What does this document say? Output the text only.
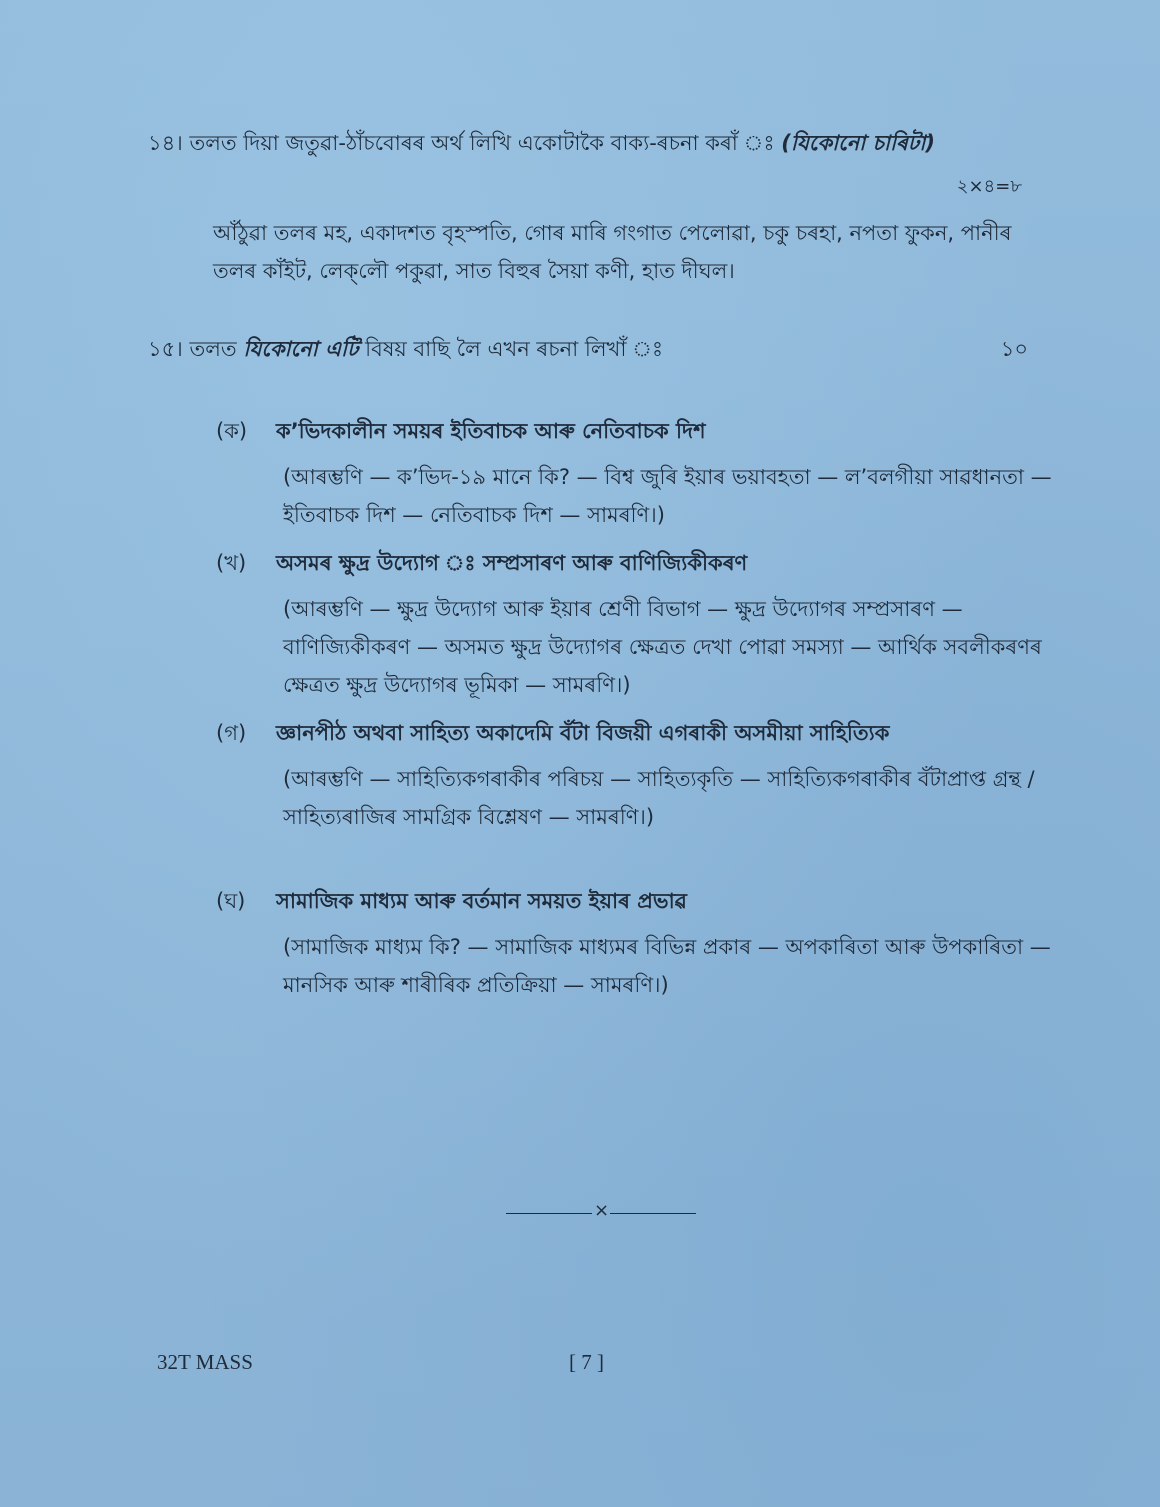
১৪। তলত দিয়া জতুৱা-ঠাঁচবোৰৰ অৰ্থ লিখি একোটাকৈ বাক্য-ৰচনা কৰাঁ ঃ (যিকোনো চাৰিটা)
২×৪=৮
আঁঠুৱা তলৰ মহ, একাদশত বৃহস্পতি, গোৰ মাৰি গংগাত পেলোৱা, চকু চৰহা, নপতা ফুকন, পানীৰ তলৰ কাঁইট, লেক্‌লৌ পকুৱা, সাত বিহুৰ সৈয়া কণী, হাত দীঘল।
১৫। তলত যিকোনো এটি বিষয় বাছি লৈ এখন ৰচনা লিখাঁ ঃ	১০
(ক) ক’ভিদকালীন সময়ৰ ইতিবাচক আৰু নেতিবাচক দিশ
(আৰম্ভণি — ক’ভিদ-১৯ মানে কি? — বিশ্ব জুৰি ইয়াৰ ভয়াবহতা — ল’বলগীয়া সাৱধানতা — ইতিবাচক দিশ — নেতিবাচক দিশ — সামৰণি।)
(খ) অসমৰ ক্ষুদ্ৰ উদ্যোগ ঃ সম্প্ৰসাৰণ আৰু বাণিজ্যিকীকৰণ
(আৰম্ভণি — ক্ষুদ্ৰ উদ্যোগ আৰু ইয়াৰ শ্ৰেণী বিভাগ — ক্ষুদ্ৰ উদ্যোগৰ সম্প্ৰসাৰণ — বাণিজ্যিকীকৰণ — অসমত ক্ষুদ্ৰ উদ্যোগৰ ক্ষেত্ৰত দেখা পোৱা সমস্যা — আৰ্থিক সবলীকৰণৰ ক্ষেত্ৰত ক্ষুদ্ৰ উদ্যোগৰ ভূমিকা — সামৰণি।)
(গ) জ্ঞানপীঠ অথবা সাহিত্য অকাদেমি বঁটা বিজয়ী এগৰাকী অসমীয়া সাহিত্যিক
(আৰম্ভণি — সাহিত্যিকগৰাকীৰ পৰিচয় — সাহিত্যকৃতি — সাহিত্যিকগৰাকীৰ বঁটাপ্ৰাপ্ত গ্ৰন্থ / সাহিত্যৰাজিৰ সামগ্ৰিক বিশ্লেষণ — সামৰণি।)
(ঘ) সামাজিক মাধ্যম আৰু বৰ্তমান সময়ত ইয়াৰ প্ৰভাৱ
(সামাজিক মাধ্যম কি? — সামাজিক মাধ্যমৰ বিভিন্ন প্ৰকাৰ — অপকাৰিতা আৰু উপকাৰিতা — মানসিক আৰু শাৰীৰিক প্ৰতিক্ৰিয়া — সামৰণি।)
×
32T MASS	[ 7 ]
